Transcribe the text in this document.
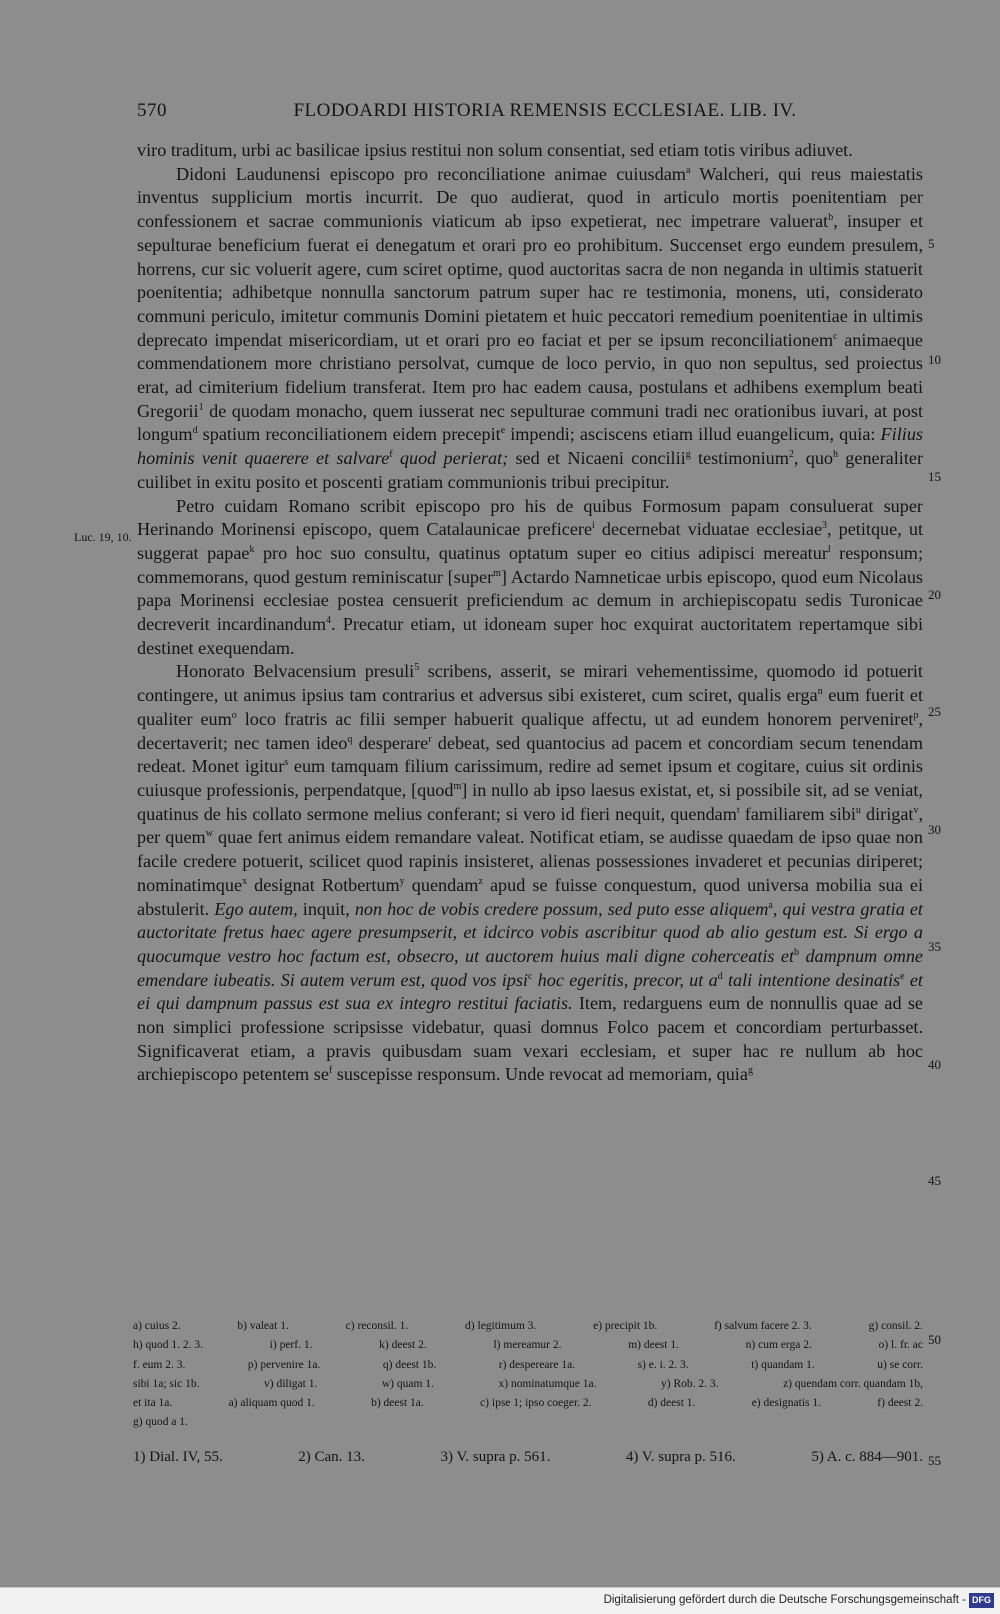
570	FLODOARDI HISTORIA REMENSIS ECCLESIAE. LIB. IV.
Luc. 19, 10.
5
10
15
20
25
30
35
40
45
50
55

viro traditum, urbi ac basilicae ipsius restitui non solum consentiat, sed etiam totis viribus adiuvet.

Didoni Laudunensi episcopo pro reconciliatione animae cuiusdam$^a$ Walcheri, qui reus maiestatis inventus supplicium mortis incurrit. De quo audierat, quod in articulo mortis poenitentiam per confessionem et sacrae communionis viaticum ab ipso expetierat, nec impetrare valuerat$^b$, insuper et sepulturae beneficium fuerat ei denegatum et orari pro eo prohibitum. Succenset ergo eundem presulem, horrens, cur sic voluerit agere, cum sciret optime, quod auctoritas sacra de non neganda in ultimis statuerit poenitentia; adhibetque nonnulla sanctorum patrum super hac re testimonia, monens, uti, considerato communi periculo, imitetur communis Domini pietatem et huic peccatori remedium poenitentiae in ultimis deprecato impendat misericordiam, ut et orari pro eo faciat et per se ipsum reconciliationem$^c$ animaeque commendationem more christiano persolvat, cumque de loco pervio, in quo non sepultus, sed proiectus erat, ad cimiterium fidelium transferat. Item pro hac eadem causa, postulans et adhibens exemplum beati Gregorii$^1$ de quodam monacho, quem iusserat nec sepulturae communi tradi nec orationibus iuvari, at post longum$^d$ spatium reconciliationem eidem precepit$^e$ impendi; asciscens etiam illud euangelicum, quia: Filius hominis venit quaerere et salvare$^f$ quod perierat; sed et Nicaeni concilii$^g$ testimonium$^2$, quo$^h$ generaliter cuilibet in exitu posito et poscenti gratiam communionis tribui precipitur.

Petro cuidam Romano scribit episcopo pro his de quibus Formosum papam consuluerat super Herinando Morinensi episcopo, quem Catalaunicae preficere$^i$ decernebat viduatae ecclesiae$^3$, petitque, ut suggerat papae$^k$ pro hoc suo consultu, quatinus optatum super eo citius adipisci mereatur$^l$ responsum; commemorans, quod gestum reminiscatur [super$^m$] Actardo Namneticae urbis episcopo, quod eum Nicolaus papa Morinensi ecclesiae postea censuerit preficiendum ac demum in archiepiscopatu sedis Turonicae decreverit incardinandum$^4$. Precatur etiam, ut idoneam super hoc exquirat auctoritatem repertamque sibi destinet exequendam.

Honorato Belvacensium presuli$^5$ scribens, asserit, se mirari vehementissime, quomodo id potuerit contingere, ut animus ipsius tam contrarius et adversus sibi existeret, cum sciret, qualis erga$^n$ eum fuerit et qualiter eum$^o$ loco fratris ac filii semper habuerit qualique affectu, ut ad eundem honorem perveniret$^p$, decertaverit; nec tamen ideo$^q$ desperare$^r$ debeat, sed quantocius ad pacem et concordiam secum tenendam redeat. Monet igitur$^s$ eum tamquam filium carissimum, redire ad semet ipsum et cogitare, cuius sit ordinis cuiusque professionis, perpendatque, [quod$^m$] in nullo ab ipso laesus existat, et, si possibile sit, ad se veniat, quatinus de his collato sermone melius conferant; si vero id fieri nequit, quendam$^t$ familiarem sibi$^u$ dirigat$^v$, per quem$^w$ quae fert animus eidem remandare valeat. Notificat etiam, se audisse quaedam de ipso quae non facile credere potuerit, scilicet quod rapinis insisteret, alienas possessiones invaderet et pecunias diriperet; nominatimque$^x$ designat Rotbertum$^y$ quendam$^z$ apud se fuisse conquestum, quod universa mobilia sua ei abstulerit. Ego autem, inquit, non hoc de vobis credere possum, sed puto esse aliquem$^a$, qui vestra gratia et auctoritate fretus haec agere presumpserit, et idcirco vobis ascribitur quod ab alio gestum est. Si ergo a quocumque vestro hoc factum est, obsecro, ut auctorem huius mali digne coherceatis $et^b$ dampnum omne emendare iubeatis. Si autem verum est, quod vos ipsi$^c$ hoc egeritis, precor, ut $a^d$ tali intentione desinatis$^e$ et ei qui dampnum passus est sua ex integro restitui faciatis. Item, redarguens eum de nonnullis quae ad se non simplici professione scripsisse videbatur, quasi domnus Folco pacem et concordiam perturbasset. Significaverat etiam, a pravis quibusdam suam vexari ecclesiam, et super hac re nullum ab hoc archiepiscopo petentem $se^f$ suscepisse responsum. Unde revocat ad memoriam, quia$^g$

a) cuius 2.	b) valeat 1.	c) reconsil. 1.	d) legitimum 3.	e) precipit 1b.	f) salvum facere 2. 3.	g) consil. 2.
h) quod 1. 2. 3.	i) perf. 1.	k) deest 2.	l) mereamur 2.	m) deest 1.	n) cum erga 2.	o) l. fr. ac
f. eum 2. 3.	p) pervenire 1a.	q) deest 1b.	r) despereare 1a.	s) e. i. 2. 3.	t) quandam 1.	u) se corr.
sibi 1a; sic 1b.	v) diligat 1.	w) quam 1.	x) nominatumque 1a.	y) Rob. 2. 3.	z) quendam corr. quandam 1b,
et ita 1a.	a) aliquam quod 1.	b) deest 1a.	c) ipse 1; ipso coeger. 2.	d) deest 1.	e) designatis 1.	f) deest 2.
g) quod a 1.
1) Dial. IV, 55.	2) Can. 13.	3) V. supra p. 561.	4) V. supra p. 516.	5) A. c. 884—901.
Digitalisierung gefördert durch die Deutsche Forschungsgemeinschaft - DFG
